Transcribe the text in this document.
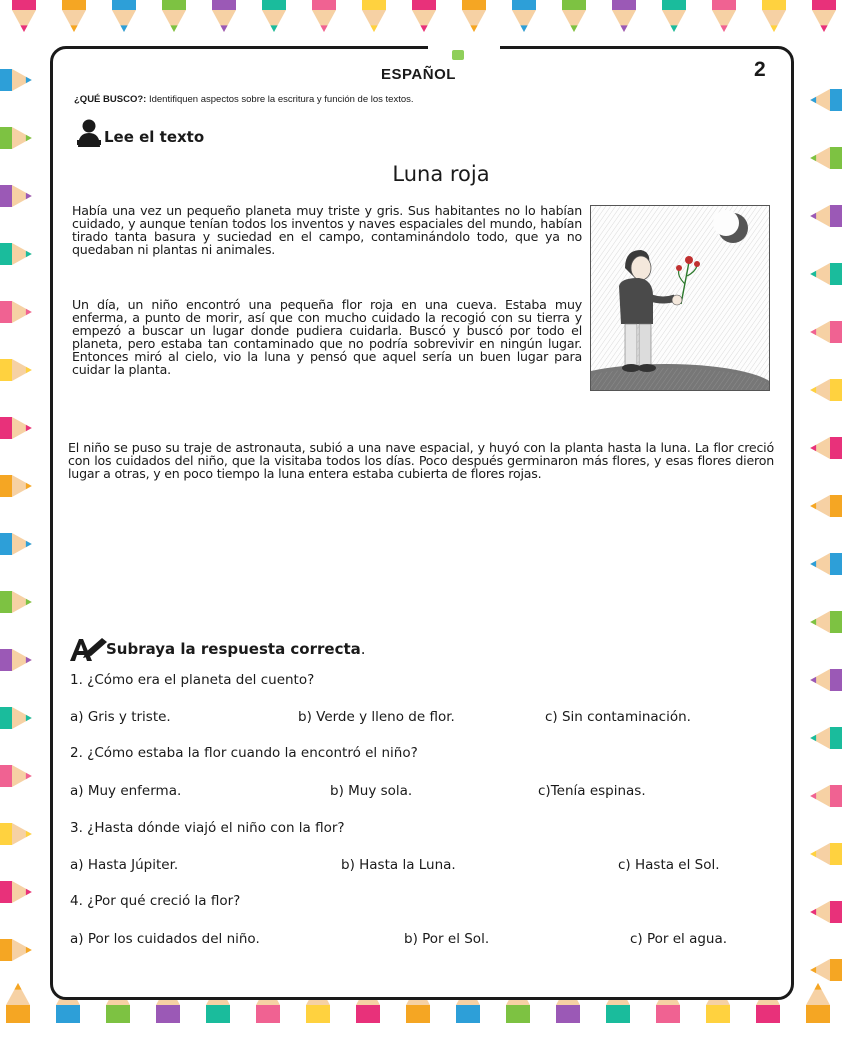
ESPAÑOL	2
¿QUÉ BUSCO?: Identifiquen aspectos sobre la escritura y función de los textos.
Lee el texto
Luna roja
Había una vez un pequeño planeta muy triste y gris. Sus habitantes no lo habían cuidado, y aunque tenían todos los inventos y naves espaciales del mundo, habían tirado tanta basura y suciedad en el campo, contaminándolo todo, que ya no quedaban ni plantas ni animales.
Un día, un niño encontró una pequeña flor roja en una cueva. Estaba muy enferma, a punto de morir, así que con mucho cuidado la recogió con su tierra y empezó a buscar un lugar donde pudiera cuidarla. Buscó y buscó por todo el planeta, pero estaba tan contaminado que no podría sobrevivir en ningún lugar. Entonces miró al cielo, vio la luna y pensó que aquel sería un buen lugar para cuidar la planta.
El niño se puso su traje de astronauta, subió a una nave espacial, y huyó con la planta hasta la luna. La flor creció con los cuidados del niño, que la visitaba todos los días. Poco después germinaron más flores, y esas flores dieron lugar a otras, y en poco tiempo la luna entera estaba cubierta de flores rojas.
Subraya la respuesta correcta.
1. ¿Cómo era el planeta del cuento?
a) Gris y triste.	b) Verde y lleno de flor.	c) Sin contaminación.
2. ¿Cómo estaba la flor cuando la encontró el niño?
a) Muy enferma.	b) Muy sola.	c)Tenía espinas.
3. ¿Hasta dónde viajó el niño con la flor?
a) Hasta Júpiter.	b) Hasta la Luna.	c) Hasta el Sol.
4. ¿Por qué creció la flor?
a) Por los cuidados del niño.	b) Por el Sol.	c) Por el agua.
